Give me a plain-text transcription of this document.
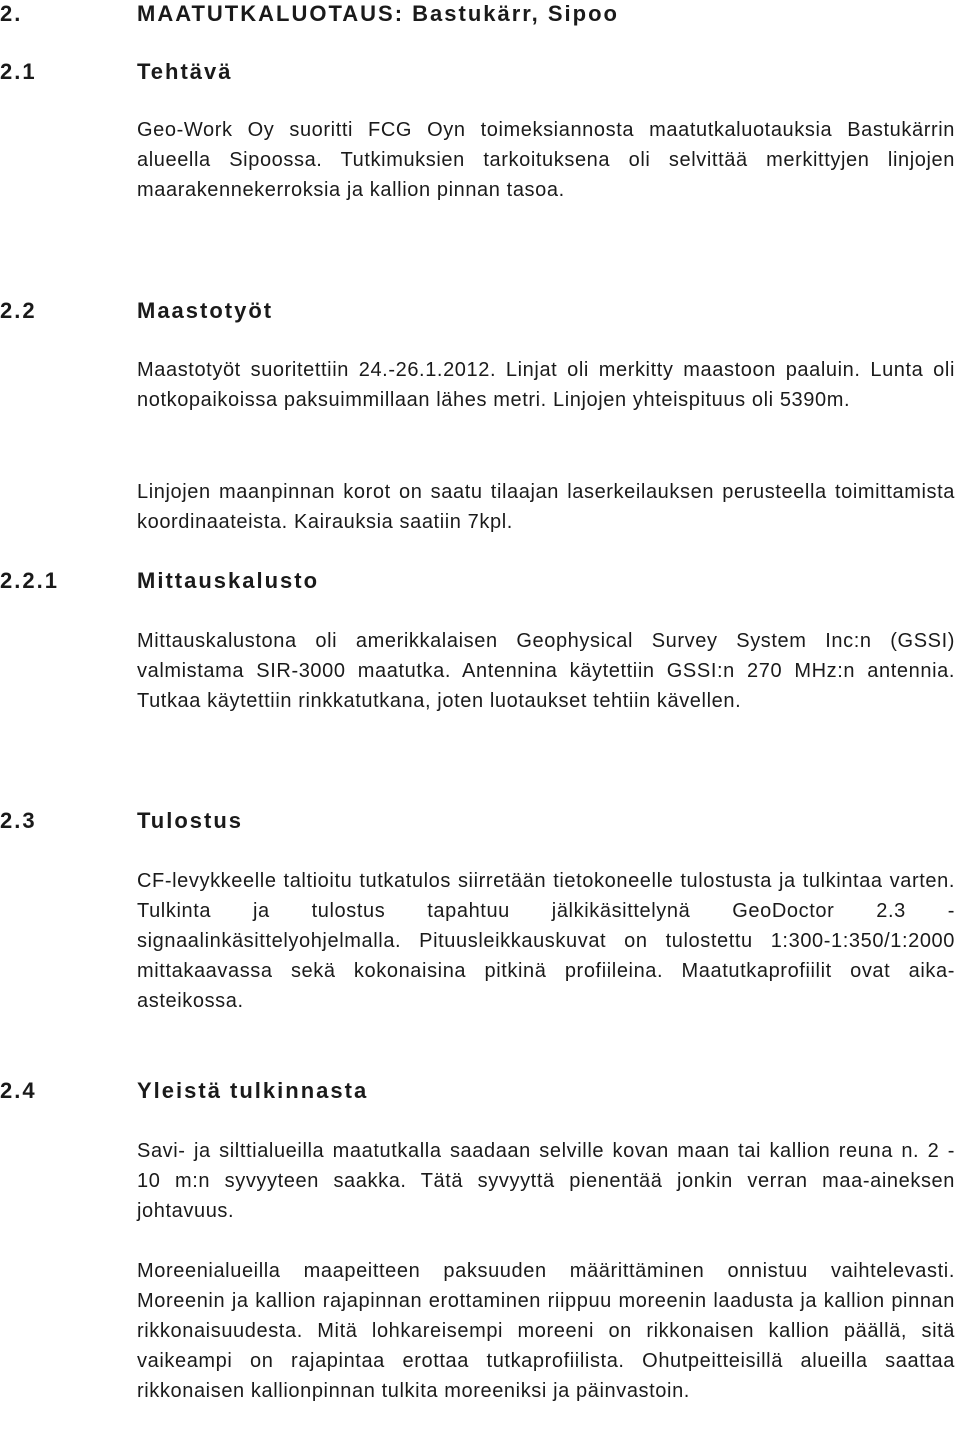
2.	MAATUTKALUOTAUS: Bastukärr, Sipoo
2.1	Tehtävä

Geo-Work Oy suoritti FCG Oyn toimeksiannosta maatutkaluotauksia Bastukärrin alueella Sipoossa. Tutkimuksien tarkoituksena oli selvittää merkittyjen linjojen maarakennekerroksia ja kallion pinnan tasoa.

2.2	Maastotyöt

Maastotyöt suoritettiin 24.-26.1.2012. Linjat oli merkitty maastoon paaluin. Lunta oli notkopaikoissa paksuimmillaan lähes metri. Linjojen yhteispituus oli 5390m.

Linjojen maanpinnan korot on saatu tilaajan laserkeilauksen perusteella toimittamista koordinaateista. Kairauksia saatiin 7kpl.

2.2.1	Mittauskalusto

Mittauskalustona oli amerikkalaisen Geophysical Survey System Inc:n (GSSI) valmistama SIR-3000 maatutka. Antennina käytettiin GSSI:n 270 MHz:n antennia. Tutkaa käytettiin rinkkatutkana, joten luotaukset tehtiin kävellen.

2.3	Tulostus

CF-levykkeelle taltioitu tutkatulos siirretään tietokoneelle tulostusta ja tulkintaa varten. Tulkinta ja tulostus tapahtuu jälkikäsittelynä GeoDoctor 2.3 -signaalinkäsittelyohjelmalla. Pituusleikkauskuvat on tulostettu 1:300-1:350/1:2000 mittakaavassa sekä kokonaisina pitkinä profiileina. Maatutkaprofiilit ovat aika-asteikossa.

2.4	Yleistä tulkinnasta

Savi- ja silttialueilla maatutkalla saadaan selville kovan maan tai kallion reuna n. 2 - 10 m:n syvyyteen saakka. Tätä syvyyttä pienentää jonkin verran maa-aineksen johtavuus.

Moreenialueilla maapeitteen paksuuden määrittäminen onnistuu vaihtelevasti. Moreenin ja kallion rajapinnan erottaminen riippuu moreenin laadusta ja kallion pinnan rikkonaisuudesta. Mitä lohkareisempi moreeni on rikkonaisen kallion päällä, sitä vaikeampi on rajapintaa erottaa tutkaprofiilista. Ohutpeitteisillä alueilla saattaa rikkonaisen kallionpinnan tulkita moreeniksi ja päinvastoin.
